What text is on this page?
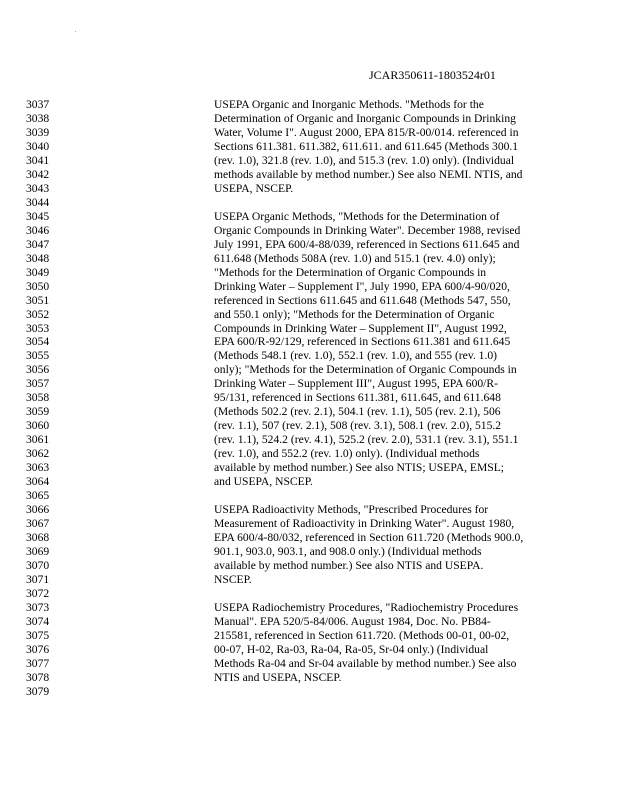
JCAR350611-1803524r01
3037
3038
3039
3040
3041
3042
3043
3044
3045
3046
3047
3048
3049
3050
3051
3052
3053
3054
3055
3056
3057
3058
3059
3060
3061
3062
3063
3064
3065
3066
3067
3068
3069
3070
3071
3072
3073
3074
3075
3076
3077
3078
3079
USEPA Organic and Inorganic Methods. "Methods for the
Determination of Organic and Inorganic Compounds in Drinking
Water, Volume I". August 2000, EPA 815/R-00/014. referenced in
Sections 611.381. 611.382, 611.611. and 611.645 (Methods 300.1
(rev. 1.0), 321.8 (rev. 1.0), and 515.3 (rev. 1.0) only). (Individual
methods available by method number.) See also NEMI. NTIS, and
USEPA, NSCEP.
USEPA Organic Methods, "Methods for the Determination of
Organic Compounds in Drinking Water". December 1988, revised
July 1991, EPA 600/4-88/039, referenced in Sections 611.645 and
611.648 (Methods 508A (rev. 1.0) and 515.1 (rev. 4.0) only);
"Methods for the Determination of Organic Compounds in
Drinking Water – Supplement I", July 1990, EPA 600/4-90/020,
referenced in Sections 611.645 and 611.648 (Methods 547, 550,
and 550.1 only); "Methods for the Determination of Organic
Compounds in Drinking Water – Supplement II", August 1992,
EPA 600/R-92/129, referenced in Sections 611.381 and 611.645
(Methods 548.1 (rev. 1.0), 552.1 (rev. 1.0), and 555 (rev. 1.0)
only); "Methods for the Determination of Organic Compounds in
Drinking Water – Supplement III", August 1995, EPA 600/R-
95/131, referenced in Sections 611.381, 611.645, and 611.648
(Methods 502.2 (rev. 2.1), 504.1 (rev. 1.1), 505 (rev. 2.1), 506
(rev. 1.1), 507 (rev. 2.1), 508 (rev. 3.1), 508.1 (rev. 2.0), 515.2
(rev. 1.1), 524.2 (rev. 4.1), 525.2 (rev. 2.0), 531.1 (rev. 3.1), 551.1
(rev. 1.0), and 552.2 (rev. 1.0) only). (Individual methods
available by method number.) See also NTIS; USEPA, EMSL;
and USEPA, NSCEP.
USEPA Radioactivity Methods, "Prescribed Procedures for
Measurement of Radioactivity in Drinking Water". August 1980,
EPA 600/4-80/032, referenced in Section 611.720 (Methods 900.0,
901.1, 903.0, 903.1, and 908.0 only.) (Individual methods
available by method number.) See also NTIS and USEPA.
NSCEP.
USEPA Radiochemistry Procedures, "Radiochemistry Procedures
Manual". EPA 520/5-84/006. August 1984, Doc. No. PB84-
215581, referenced in Section 611.720. (Methods 00-01, 00-02,
00-07, H-02, Ra-03, Ra-04, Ra-05, Sr-04 only.) (Individual
Methods Ra-04 and Sr-04 available by method number.) See also
NTIS and USEPA, NSCEP.
